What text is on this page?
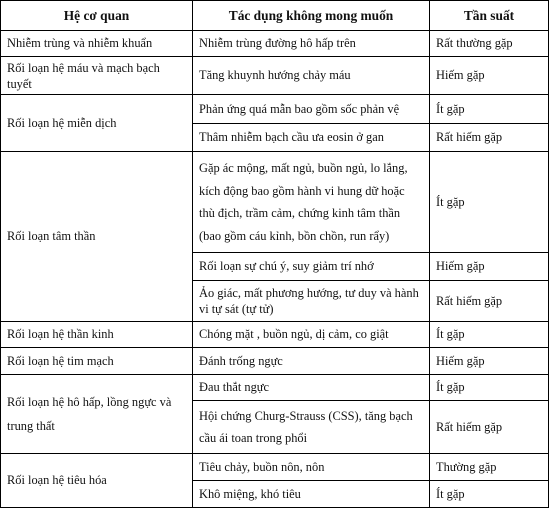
Hệ cơ quan	Tác dụng không mong muốn	Tần suất
Nhiễm trùng và nhiễm khuẩn	Nhiễm trùng đường hô hấp trên	Rất thường gặp
Rối loạn hệ máu và mạch bạch tuyết	Tăng khuynh hướng chảy máu	Hiếm gặp
Rối loạn hệ miễn dịch	Phản ứng quá mẫn bao gồm sốc phản vệ	Ít gặp
	Thâm nhiễm bạch cầu ưa eosin ở gan	Rất hiếm gặp
Rối loạn tâm thần	Gặp ác mộng, mất ngủ, buồn ngủ, lo lắng, kích động bao gồm hành vi hung dữ hoặc thù địch, trầm cảm, chứng kinh tâm thần (bao gồm cáu kỉnh, bồn chồn, run rẩy)	Ít gặp
	Rối loạn sự chú ý, suy giảm trí nhớ	Hiếm gặp
	Ảo giác, mất phương hướng, tư duy và hành vi tự sát (tự tử)	Rất hiếm gặp
Rối loạn hệ thần kinh	Chóng mặt , buồn ngủ, dị cảm, co giật	Ít gặp
Rối loạn hệ tim mạch	Đánh trống ngực	Hiếm gặp
Rối loạn hệ hô hấp, lồng ngực và trung thất	Đau thắt ngực	Ít gặp
	Hội chứng Churg-Strauss (CSS), tăng bạch cầu ái toan trong phổi	Rất hiếm gặp
Rối loạn hệ tiêu hóa	Tiêu chảy, buồn nôn, nôn	Thường gặp
	Khô miệng, khó tiêu	Ít gặp
